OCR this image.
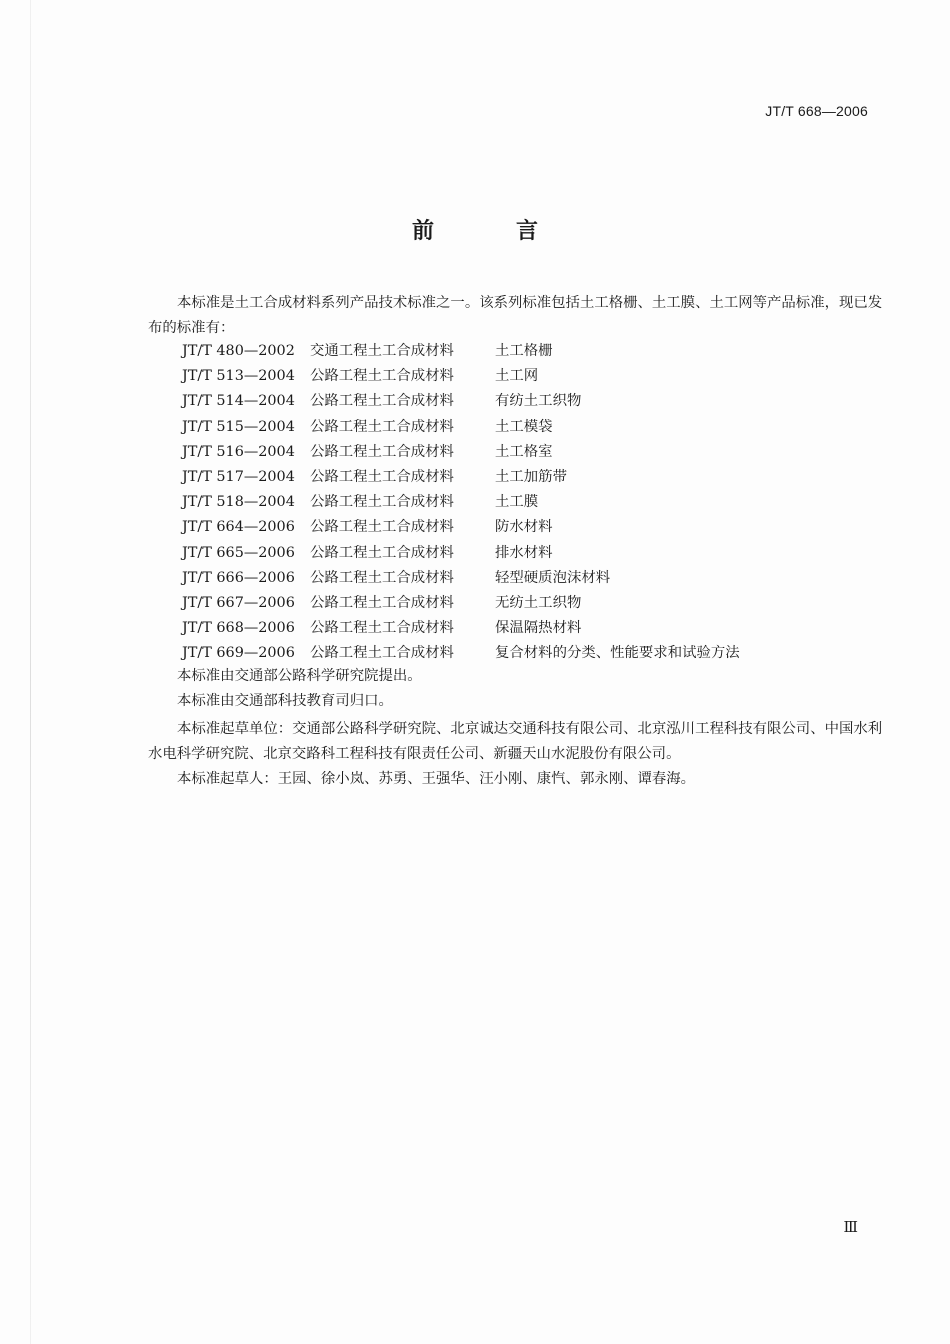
JT/T 668—2006
前　言
本标准是土工合成材料系列产品技术标准之一。该系列标准包括土工格栅、土工膜、土工网等产品标准，现已发布的标准有：
JT/T 480—2002 交通工程土工合成材料	土工格栅
JT/T 513—2004 公路工程土工合成材料	土工网
JT/T 514—2004 公路工程土工合成材料	有纺土工织物
JT/T 515—2004 公路工程土工合成材料	土工模袋
JT/T 516—2004 公路工程土工合成材料	土工格室
JT/T 517—2004 公路工程土工合成材料	土工加筋带
JT/T 518—2004 公路工程土工合成材料	土工膜
JT/T 664—2006 公路工程土工合成材料	防水材料
JT/T 665—2006 公路工程土工合成材料	排水材料
JT/T 666—2006 公路工程土工合成材料	轻型硬质泡沫材料
JT/T 667—2006 公路工程土工合成材料	无纺土工织物
JT/T 668—2006 公路工程土工合成材料	保温隔热材料
JT/T 669—2006 公路工程土工合成材料	复合材料的分类、性能要求和试验方法
本标准由交通部公路科学研究院提出。
本标准由交通部科技教育司归口。
本标准起草单位：交通部公路科学研究院、北京诚达交通科技有限公司、北京泓川工程科技有限公司、中国水利水电科学研究院、北京交路科工程科技有限责任公司、新疆天山水泥股份有限公司。
本标准起草人：王园、徐小岚、苏勇、王强华、汪小刚、康忾、郭永刚、谭春海。
Ⅲ
